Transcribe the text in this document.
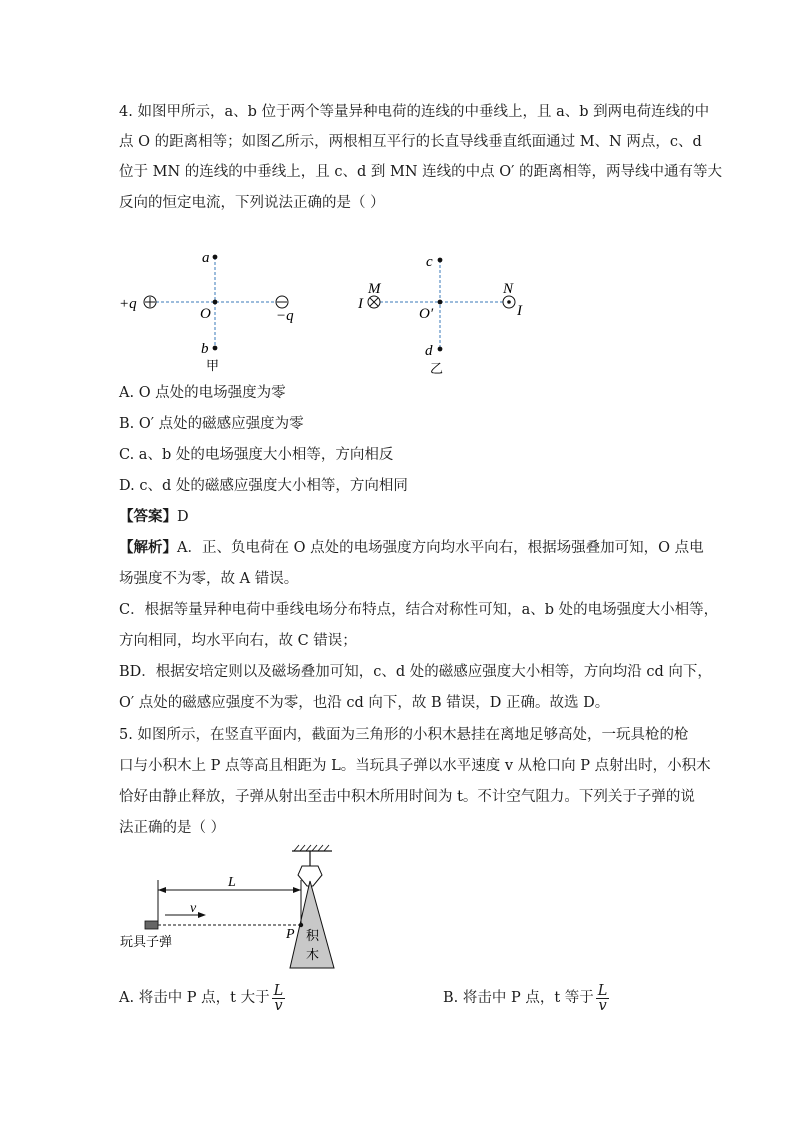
4. 如图甲所示，a、b 位于两个等量异种电荷的连线的中垂线上，且 a、b 到两电荷连线的中
点 O 的距离相等；如图乙所示，两根相互平行的长直导线垂直纸面通过 M、N 两点，c、d
位于 MN 的连线的中垂线上，且 c、d 到 MN 连线的中点 O′ 的距离相等，两导线中通有等大
反向的恒定电流，下列说法正确的是（ ）
a
O
b
+q
−q
甲
c
O′
d
M	N
I	I
乙
A. O 点处的电场强度为零
B. O′ 点处的磁感应强度为零
C. a、b 处的电场强度大小相等，方向相反
D. c、d 处的磁感应强度大小相等，方向相同
【答案】D
【解析】A．正、负电荷在 O 点处的电场强度方向均水平向右，根据场强叠加可知，O 点电
场强度不为零，故 A 错误。
C．根据等量异种电荷中垂线电场分布特点，结合对称性可知，a、b 处的电场强度大小相等，
方向相同，均水平向右，故 C 错误；
BD．根据安培定则以及磁场叠加可知，c、d 处的磁感应强度大小相等，方向均沿 cd 向下，
O′ 点处的磁感应强度不为零，也沿 cd 向下，故 B 错误，D 正确。故选 D。
5. 如图所示，在竖直平面内，截面为三角形的小积木悬挂在离地足够高处，一玩具枪的枪
口与小积木上 P 点等高且相距为 L。当玩具子弹以水平速度 v 从枪口向 P 点射出时，小积木
恰好由静止释放，子弹从射出至击中积木所用时间为 t。不计空气阻力。下列关于子弹的说
法正确的是（ ）
积
木
P
L
v
玩具子弹
A. 将击中 P 点，t 大于 $\frac{L}{v}$	B. 将击中 P 点，t 等于 $\frac{L}{v}$
